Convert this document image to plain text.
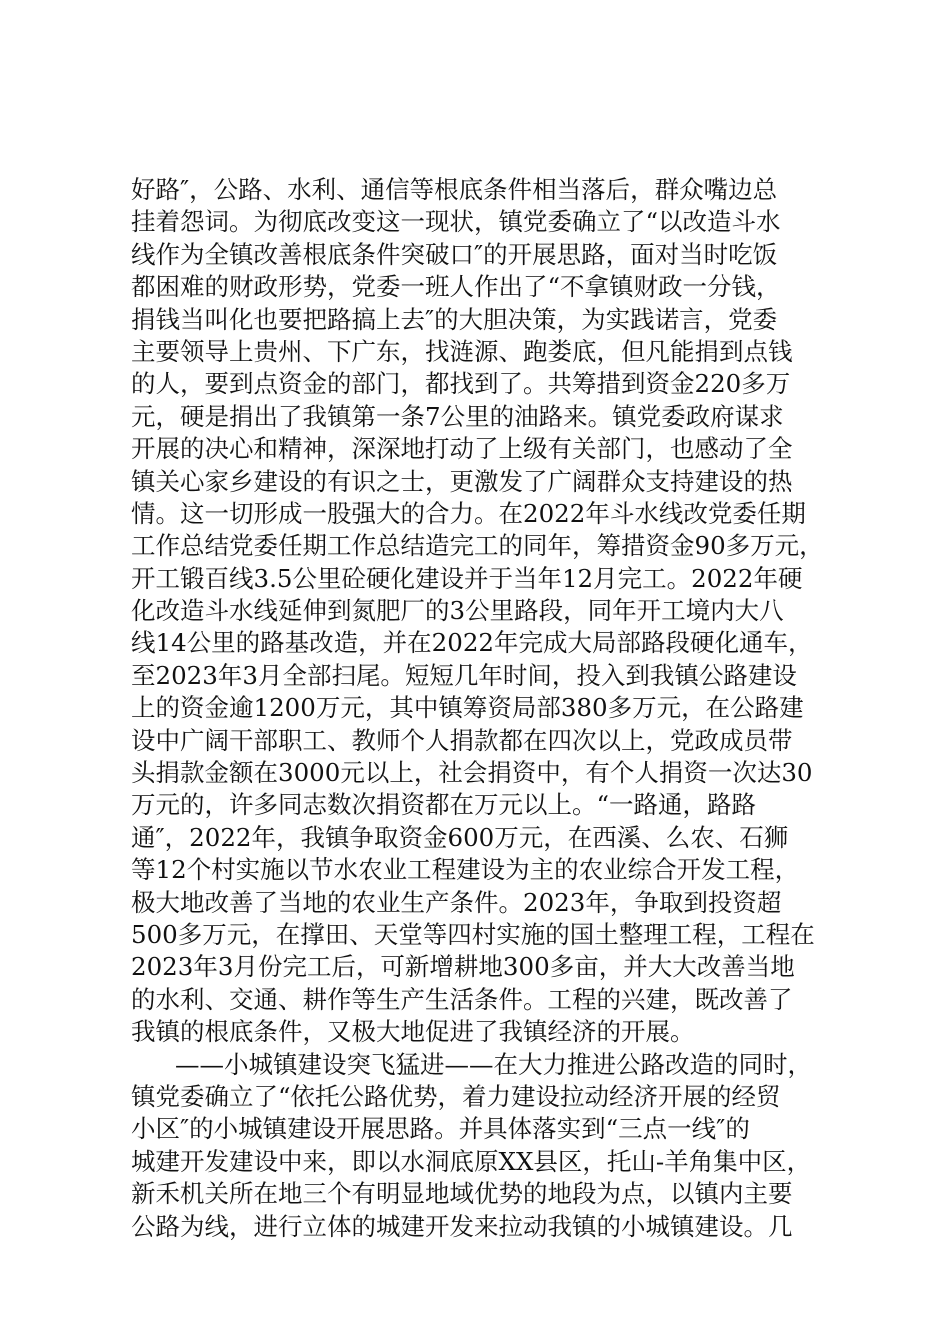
好路″，公路、水利、通信等根底条件相当落后，群众嘴边总
挂着怨词。为彻底改变这一现状，镇党委确立了“以改造斗水
线作为全镇改善根底条件突破口″的开展思路，面对当时吃饭
都困难的财政形势，党委一班人作出了“不拿镇财政一分钱，
捐钱当叫化也要把路搞上去″的大胆决策，为实践诺言，党委
主要领导上贵州、下广东，找涟源、跑娄底，但凡能捐到点钱
的人，要到点资金的部门，都找到了。共筹措到资金220多万
元，硬是捐出了我镇第一条7公里的油路来。镇党委政府谋求
开展的决心和精神，深深地打动了上级有关部门，也感动了全
镇关心家乡建设的有识之士，更激发了广阔群众支持建设的热
情。这一切形成一股强大的合力。在2022年斗水线改党委任期
工作总结党委任期工作总结造完工的同年，筹措资金90多万元，
开工锻百线3.5公里砼硬化建设并于当年12月完工。2022年硬
化改造斗水线延伸到氮肥厂的3公里路段，同年开工境内大八
线14公里的路基改造，并在2022年完成大局部路段硬化通车，
至2023年3月全部扫尾。短短几年时间，投入到我镇公路建设
上的资金逾1200万元，其中镇筹资局部380多万元，在公路建
设中广阔干部职工、教师个人捐款都在四次以上，党政成员带
头捐款金额在3000元以上，社会捐资中，有个人捐资一次达30
万元的，许多同志数次捐资都在万元以上。“一路通，路路
通″，2022年，我镇争取资金600万元，在西溪、么农、石狮
等12个村实施以节水农业工程建设为主的农业综合开发工程，
极大地改善了当地的农业生产条件。2023年，争取到投资超
500多万元，在撑田、天堂等四村实施的国土整理工程，工程在
2023年3月份完工后，可新增耕地300多亩，并大大改善当地
的水利、交通、耕作等生产生活条件。工程的兴建，既改善了
我镇的根底条件，又极大地促进了我镇经济的开展。
——小城镇建设突飞猛进——在大力推进公路改造的同时，
镇党委确立了“依托公路优势，着力建设拉动经济开展的经贸
小区″的小城镇建设开展思路。并具体落实到“三点一线″的
城建开发建设中来，即以水洞底原XX县区，托山-羊角集中区，
新禾机关所在地三个有明显地域优势的地段为点，以镇内主要
公路为线，进行立体的城建开发来拉动我镇的小城镇建设。几
